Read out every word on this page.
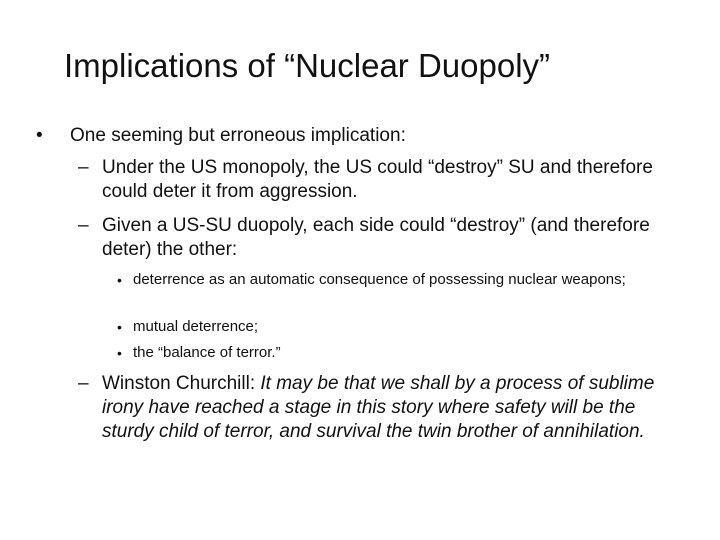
Implications of “Nuclear Duopoly”
• One seeming but erroneous implication:
– Under the US monopoly, the US could “destroy” SU and therefore could deter it from aggression.
– Given a US-SU duopoly, each side could “destroy” (and therefore deter) the other:
• deterrence as an automatic consequence of possessing nuclear weapons;
• mutual deterrence;
• the “balance of terror.”
– Winston Churchill: It may be that we shall by a process of sublime irony have reached a stage in this story where safety will be the sturdy child of terror, and survival the twin brother of annihilation.
